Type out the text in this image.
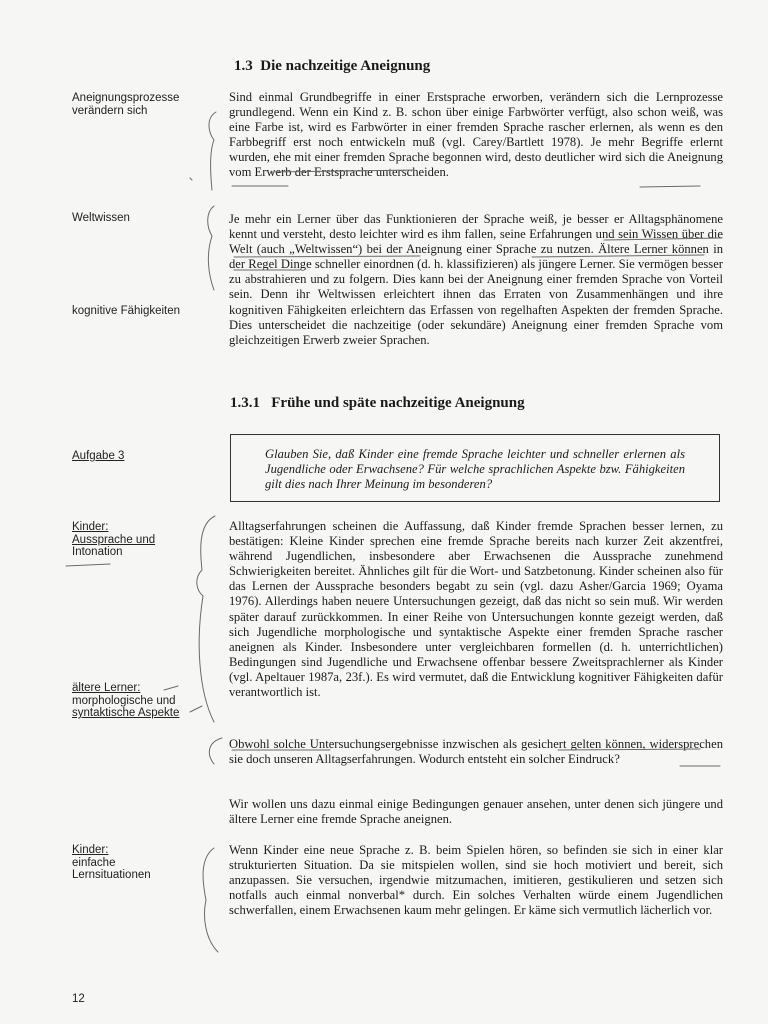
1.3 Die nachzeitige Aneignung
Aneignungsprozesse verändern sich
Weltwissen
kognitive Fähigkeiten
Aufgabe 3
Kinder:
Aussprache und
Intonation
ältere Lerner:
morphologische und
syntaktische Aspekte
Kinder:
einfache
Lernsituationen

Sind einmal Grundbegriffe in einer Erstsprache erworben, verändern sich die Lernprozesse grundlegend. Wenn ein Kind z. B. schon über einige Farbwörter verfügt, also schon weiß, was eine Farbe ist, wird es Farbwörter in einer fremden Sprache rascher erlernen, als wenn es den Farbbegriff erst noch entwickeln muß (vgl. Carey/Bartlett 1978). Je mehr Begriffe erlernt wurden, ehe mit einer fremden Sprache begonnen wird, desto deutlicher wird sich die Aneignung vom Erwerb der Erstsprache unterscheiden.

Je mehr ein Lerner über das Funktionieren der Sprache weiß, je besser er Alltagsphänomene kennt und versteht, desto leichter wird es ihm fallen, seine Erfahrungen und sein Wissen über die Welt (auch „Weltwissen“) bei der Aneignung einer Sprache zu nutzen. Ältere Lerner können in der Regel Dinge schneller einordnen (d. h. klassifizieren) als jüngere Lerner. Sie vermögen besser zu abstrahieren und zu folgern. Dies kann bei der Aneignung einer fremden Sprache von Vorteil sein. Denn ihr Weltwissen erleichtert ihnen das Erraten von Zusammenhängen und ihre kognitiven Fähigkeiten erleichtern das Erfassen von regelhaften Aspekten der fremden Sprache. Dies unterscheidet die nachzeitige (oder sekundäre) Aneignung einer fremden Sprache vom gleichzeitigen Erwerb zweier Sprachen.

1.3.1 Frühe und späte nachzeitige Aneignung

Glauben Sie, daß Kinder eine fremde Sprache leichter und schneller erlernen als Jugendliche oder Erwachsene? Für welche sprachlichen Aspekte bzw. Fähigkeiten gilt dies nach Ihrer Meinung im besonderen?

Alltagserfahrungen scheinen die Auffassung, daß Kinder fremde Sprachen besser lernen, zu bestätigen: Kleine Kinder sprechen eine fremde Sprache bereits nach kurzer Zeit akzentfrei, während Jugendlichen, insbesondere aber Erwachsenen die Aussprache zunehmend Schwierigkeiten bereitet. Ähnliches gilt für die Wort- und Satzbetonung. Kinder scheinen also für das Lernen der Aussprache besonders begabt zu sein (vgl. dazu Asher/Garcia 1969; Oyama 1976). Allerdings haben neuere Untersuchungen gezeigt, daß das nicht so sein muß. Wir werden später darauf zurückkommen. In einer Reihe von Untersuchungen konnte gezeigt werden, daß sich Jugendliche morphologische und syntaktische Aspekte einer fremden Sprache rascher aneignen als Kinder. Insbesondere unter vergleichbaren formellen (d. h. unterrichtlichen) Bedingungen sind Jugendliche und Erwachsene offenbar bessere Zweitsprachlerner als Kinder (vgl. Apeltauer 1987a, 23f.). Es wird vermutet, daß die Entwicklung kognitiver Fähigkeiten dafür verantwortlich ist.

Obwohl solche Untersuchungsergebnisse inzwischen als gesichert gelten können, widersprechen sie doch unseren Alltagserfahrungen. Wodurch entsteht ein solcher Eindruck?

Wir wollen uns dazu einmal einige Bedingungen genauer ansehen, unter denen sich jüngere und ältere Lerner eine fremde Sprache aneignen.

Wenn Kinder eine neue Sprache z. B. beim Spielen hören, so befinden sie sich in einer klar strukturierten Situation. Da sie mitspielen wollen, sind sie hoch motiviert und bereit, sich anzupassen. Sie versuchen, irgendwie mitzumachen, imitieren, gestikulieren und setzen sich notfalls auch einmal nonverbal* durch. Ein solches Verhalten würde einem Jugendlichen schwerfallen, einem Erwachsenen kaum mehr gelingen. Er käme sich vermutlich lächerlich vor.

12
